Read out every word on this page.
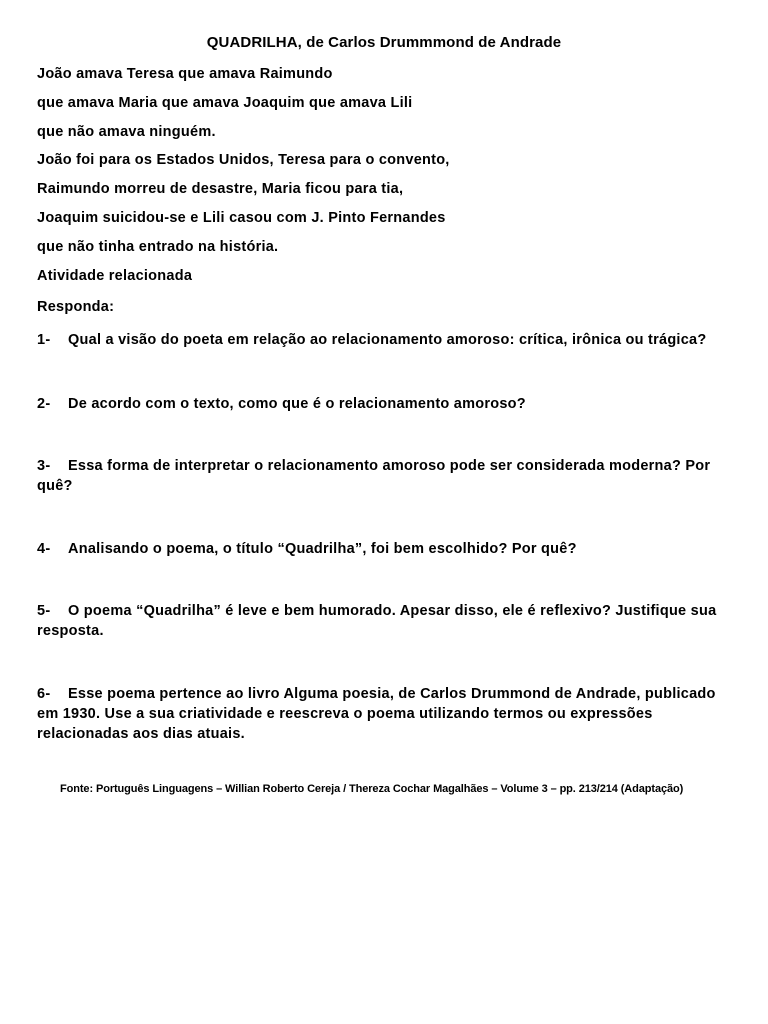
QUADRILHA, de Carlos Drummmond de Andrade
João amava Teresa que amava Raimundo
que amava Maria que amava Joaquim que amava Lili
que não amava ninguém.
João foi para os Estados Unidos, Teresa para o convento,
Raimundo morreu de desastre, Maria ficou para tia,
Joaquim suicidou-se e Lili casou com J. Pinto Fernandes
que não tinha entrado na história.
Atividade relacionada
Responda:
1- Qual a visão do poeta em relação ao relacionamento amoroso: crítica, irônica ou trágica?
2- De acordo com o texto, como que é o relacionamento amoroso?
3- Essa forma de interpretar o relacionamento amoroso pode ser considerada moderna? Por quê?
4- Analisando o poema, o título “Quadrilha”, foi bem escolhido? Por quê?
5- O poema “Quadrilha” é leve e bem humorado. Apesar disso, ele é reflexivo? Justifique sua resposta.
6- Esse poema pertence ao livro Alguma poesia, de Carlos Drummond de Andrade, publicado em 1930. Use a sua criatividade e reescreva o poema utilizando termos ou expressões relacionadas aos dias atuais.
Fonte: Português Linguagens – Willian Roberto Cereja / Thereza Cochar Magalhães – Volume 3 – pp. 213/214 (Adaptação)
